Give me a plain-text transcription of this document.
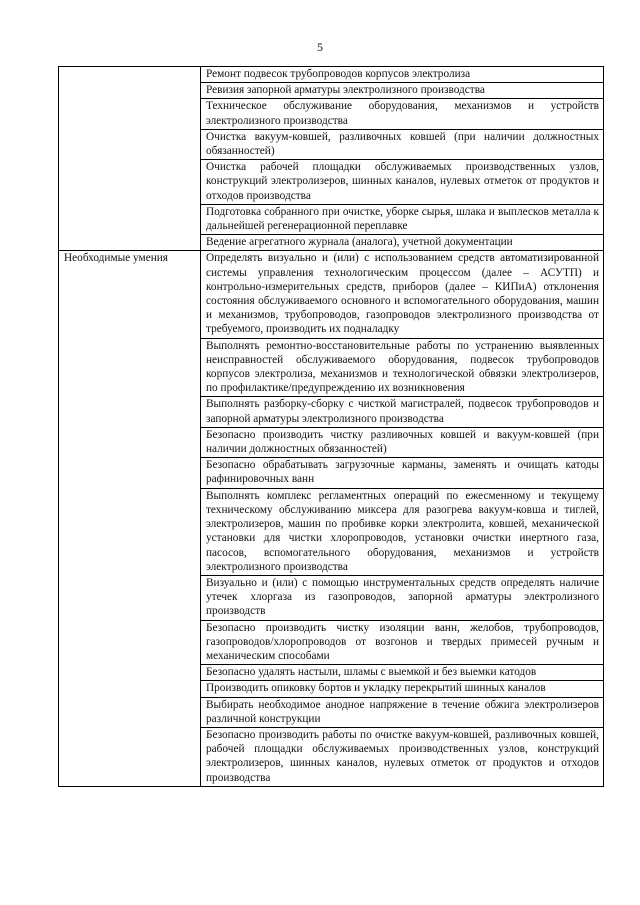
5
	Ремонт подвесок трубопроводов корпусов электролиза
	Ревизия запорной арматуры электролизного производства
	Техническое обслуживание оборудования, механизмов и устройств электролизного производства
	Очистка вакуум-ковшей, разливочных ковшей (при наличии должностных обязанностей)
	Очистка рабочей площадки обслуживаемых производственных узлов, конструкций электролизеров, шинных каналов, нулевых отметок от продуктов и отходов производства
	Подготовка собранного при очистке, уборке сырья, шлака и выплесков металла к дальнейшей регенерационной переплавке
	Ведение агрегатного журнала (аналога), учетной документации
Необходимые умения	Определять визуально и (или) с использованием средств автоматизированной системы управления технологическим процессом (далее – АСУТП) и контрольно-измерительных средств, приборов (далее – КИПиА) отклонения состояния обслуживаемого основного и вспомогательного оборудования, машин и механизмов, трубопроводов, газопроводов электролизного производства от требуемого, производить их подналадку
	Выполнять ремонтно-восстановительные работы по устранению выявленных неисправностей обслуживаемого оборудования, подвесок трубопроводов корпусов электролиза, механизмов и технологической обвязки электролизеров, по профилактике/предупреждению их возникновения
	Выполнять разборку-сборку с чисткой магистралей, подвесок трубопроводов и запорной арматуры электролизного производства
	Безопасно производить чистку разливочных ковшей и вакуум-ковшей (при наличии должностных обязанностей)
	Безопасно обрабатывать загрузочные карманы, заменять и очищать катоды рафинировочных ванн
	Выполнять комплекс регламентных операций по ежесменному и текущему техническому обслуживанию миксера для разогрева вакуум-ковша и тиглей, электролизеров, машин по пробивке корки электролита, ковшей, механической установки для чистки хлоропроводов, установки очистки инертного газа, пасосов, вспомогательного оборудования, механизмов и устройств электролизного производства
	Визуально и (или) с помощью инструментальных средств определять наличие утечек хлоргаза из газопроводов, запорной арматуры электролизного производств
	Безопасно производить чистку изоляции ванн, желобов, трубопроводов, газопроводов/хлоропроводов от возгонов и твердых примесей ручным и механическим способами
	Безопасно удалять настыли, шламы с выемкой и без выемки катодов
	Производить опиковку бортов и укладку перекрытий шинных каналов
	Выбирать необходимое анодное напряжение в течение обжига электролизеров различной конструкции
	Безопасно производить работы по очистке вакуум-ковшей, разливочных ковшей, рабочей площадки обслуживаемых производственных узлов, конструкций электролизеров, шинных каналов, нулевых отметок от продуктов и отходов производства
